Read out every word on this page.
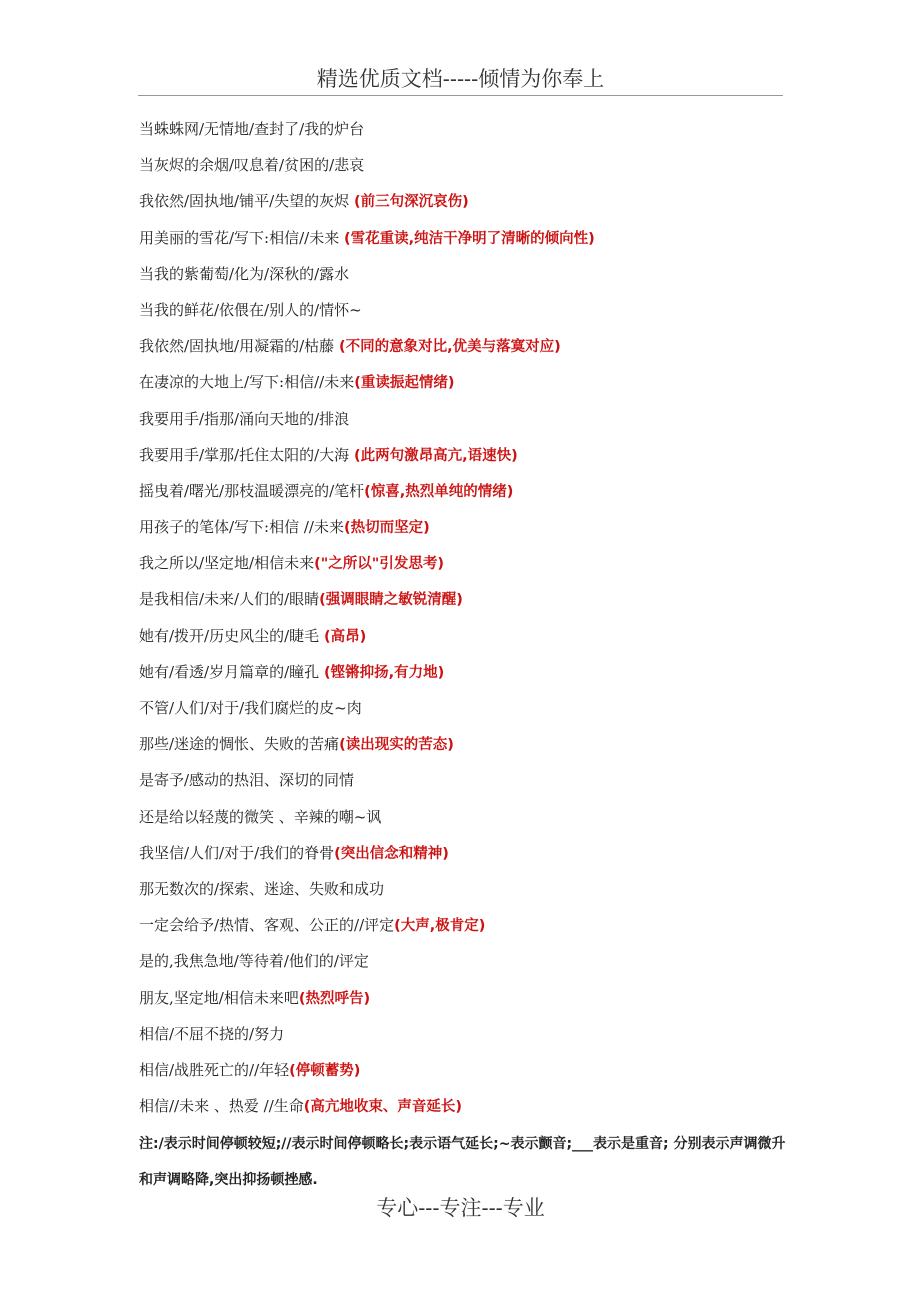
精选优质文档-----倾情为你奉上
当蛛蛛网/无情地/查封了/我的炉台
当灰烬的余烟/叹息着/贫困的/悲哀
我依然/固执地/铺平/失望的灰烬 (前三句深沉哀伤)
用美丽的雪花/写下:相信//未来 (雪花重读,纯洁干净明了清晰的倾向性)
当我的紫葡萄/化为/深秋的/露水
当我的鲜花/依偎在/别人的/情怀~
我依然/固执地/用凝霜的/枯藤 (不同的意象对比,优美与落寞对应)
在凄凉的大地上/写下:相信//未来(重读振起情绪)
我要用手/指那/涌向天地的/排浪
我要用手/掌那/托住太阳的/大海 (此两句激昂高亢,语速快)
摇曳着/曙光/那枝温暖漂亮的/笔杆(惊喜,热烈单纯的情绪)
用孩子的笔体/写下:相信 //未来(热切而坚定)
我之所以/坚定地/相信未来("之所以"引发思考)
是我相信/未来/人们的/眼睛(强调眼睛之敏锐清醒)
她有/拨开/历史风尘的/睫毛 (高昂)
她有/看透/岁月篇章的/瞳孔 (铿锵抑扬,有力地)
不管/人们/对于/我们腐烂的皮~肉
那些/迷途的惆怅、失败的苦痛(读出现实的苦态)
是寄予/感动的热泪、深切的同情
还是给以轻蔑的微笑 、辛辣的嘲~讽
我坚信/人们/对于/我们的脊骨(突出信念和精神)
那无数次的/探索、迷途、失败和成功
一定会给予/热情、客观、公正的//评定(大声,极肯定)
是的,我焦急地/等待着/他们的/评定
朋友,坚定地/相信未来吧(热烈呼告)
相信/不屈不挠的/努力
相信/战胜死亡的//年轻(停顿蓄势)
相信//未来 、热爱 //生命(高亢地收束、声音延长)

注:/表示时间停顿较短;//表示时间停顿略长;表示语气延长;~表示颤音;___表示是重音; 分别表示声调微升和声调略降,突出抑扬顿挫感.

专心---专注---专业
